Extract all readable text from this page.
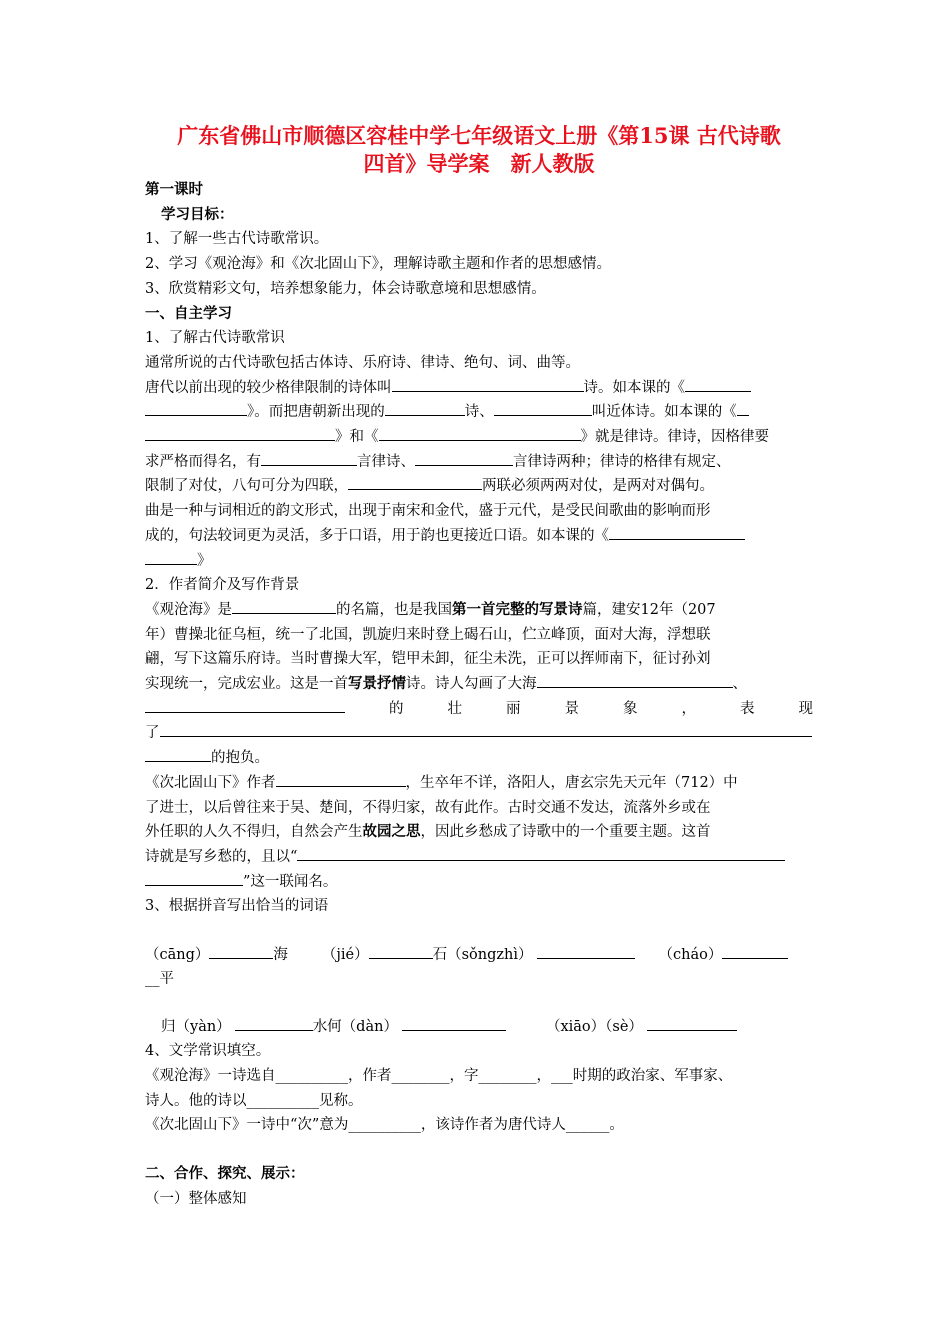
广东省佛山市顺德区容桂中学七年级语文上册《第15课 古代诗歌
四首》导学案　新人教版
第一课时
学习目标：
1、了解一些古代诗歌常识。
2、学习《观沧海》和《次北固山下》，理解诗歌主题和作者的思想感情。
3、欣赏精彩文句，培养想象能力，体会诗歌意境和思想感情。
一、自主学习
1、了解古代诗歌常识
通常所说的古代诗歌包括古体诗、乐府诗、律诗、绝句、词、曲等。
唐代以前出现的较少格律限制的诗体叫	诗。如本课的《
》。而把唐朝新出现的	诗、	叫近体诗。如本课的《
》和《	》就是律诗。律诗，因格律要
求严格而得名，有	言律诗、	言律诗两种；律诗的格律有规定、
限制了对仗，八句可分为四联，	两联必须两两对仗，是两对对偶句。
曲是一种与词相近的韵文形式，出现于南宋和金代，盛于元代，是受民间歌曲的影响而形
成的，句法较词更为灵活，多于口语，用于韵也更接近口语。如本课的《
》
2．作者简介及写作背景
《观沧海》是	的名篇，也是我国第一首完整的写景诗篇，建安12年（207
年）曹操北征乌桓，统一了北国，凯旋归来时登上碣石山，伫立峰顶，面对大海，浮想联
翩，写下这篇乐府诗。当时曹操大军，铠甲未卸，征尘未洗，正可以挥师南下，征讨孙刘
实现统一，完成宏业。这是一首写景抒情诗。诗人勾画了大海	、
的	壮	丽	景	象	，	表	现
了
的抱负。
《次北固山下》作者	，生卒年不详，洛阳人，唐玄宗先天元年（712）中
了进士，以后曾往来于吴、楚间，不得归家，故有此作。古时交通不发达，流落外乡或在
外任职的人久不得归，自然会产生故园之思，因此乡愁成了诗歌中的一个重要主题。这首
诗就是写乡愁的，且以“
”这一联闻名。
3、根据拼音写出恰当的词语
（cāng）	海 （jié）	石（sǒngzhì）	（cháo）
__平
归（yàn）	水何（dàn）	（xiāo）（sè）
4、文学常识填空。
《观沧海》一诗选自__________，作者________，字________，___时期的政治家、军事家、
诗人。他的诗以__________见称。
《次北固山下》一诗中“次”意为__________，该诗作者为唐代诗人______。
二、合作、探究、展示：
（一）整体感知
